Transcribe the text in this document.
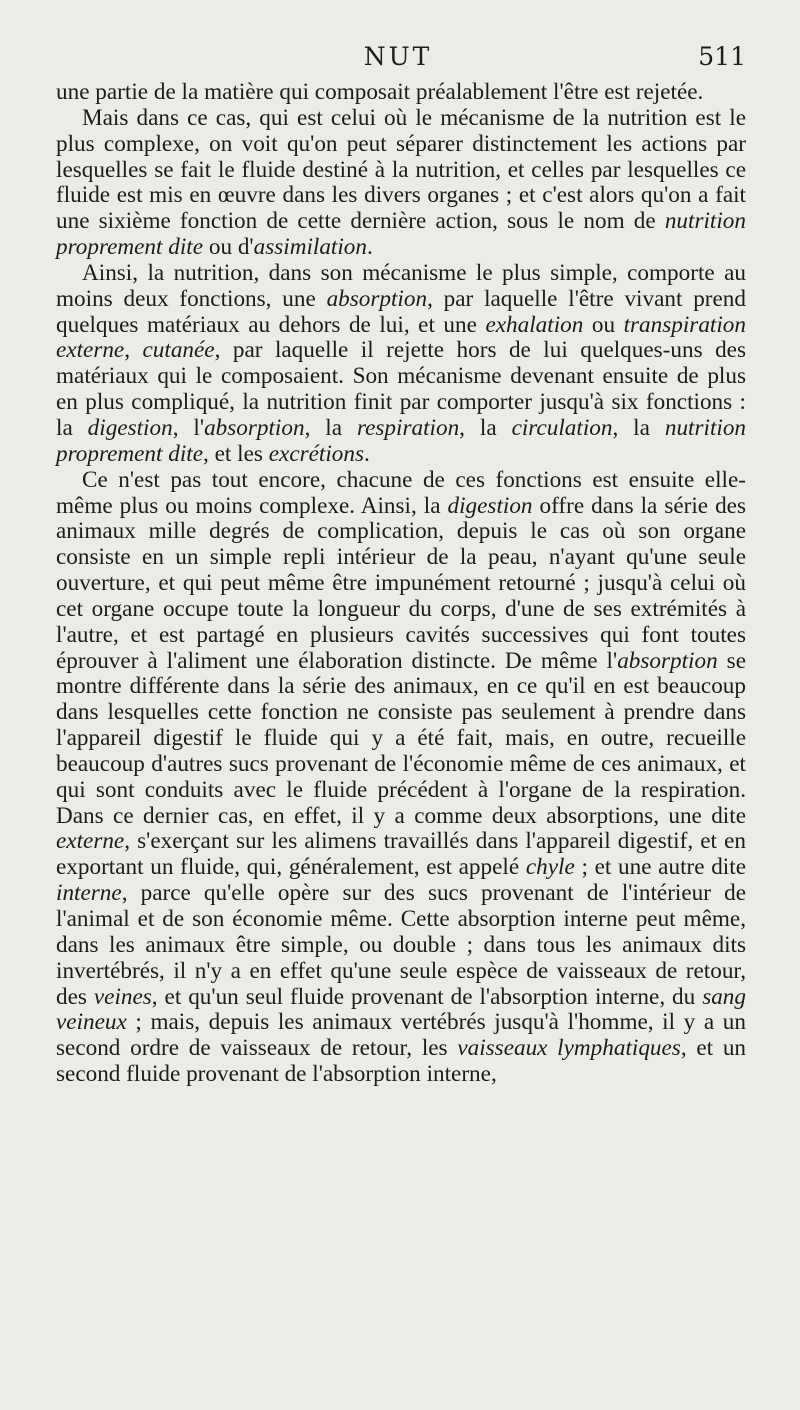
NUT	511

une partie de la matière qui composait préalablement l'être est rejetée.

Mais dans ce cas, qui est celui où le mécanisme de la nutrition est le plus complexe, on voit qu'on peut séparer distinctement les actions par lesquelles se fait le fluide destiné à la nutrition, et celles par lesquelles ce fluide est mis en œuvre dans les divers organes ; et c'est alors qu'on a fait une sixième fonction de cette dernière action, sous le nom de nutrition proprement dite ou d'assimilation.

Ainsi, la nutrition, dans son mécanisme le plus simple, comporte au moins deux fonctions, une absorption, par laquelle l'être vivant prend quelques matériaux au dehors de lui, et une exhalation ou transpiration externe, cutanée, par laquelle il rejette hors de lui quelques-uns des matériaux qui le composaient. Son mécanisme devenant ensuite de plus en plus compliqué, la nutrition finit par comporter jusqu'à six fonctions : la digestion, l'absorption, la respiration, la circulation, la nutrition proprement dite, et les excrétions.

Ce n'est pas tout encore, chacune de ces fonctions est ensuite elle-même plus ou moins complexe. Ainsi, la digestion offre dans la série des animaux mille degrés de complication, depuis le cas où son organe consiste en un simple repli intérieur de la peau, n'ayant qu'une seule ouverture, et qui peut même être impunément retourné ; jusqu'à celui où cet organe occupe toute la longueur du corps, d'une de ses extrémités à l'autre, et est partagé en plusieurs cavités successives qui font toutes éprouver à l'aliment une élaboration distincte. De même l'absorption se montre différente dans la série des animaux, en ce qu'il en est beaucoup dans lesquelles cette fonction ne consiste pas seulement à prendre dans l'appareil digestif le fluide qui y a été fait, mais, en outre, recueille beaucoup d'autres sucs provenant de l'économie même de ces animaux, et qui sont conduits avec le fluide précédent à l'organe de la respiration. Dans ce dernier cas, en effet, il y a comme deux absorptions, une dite externe, s'exerçant sur les alimens travaillés dans l'appareil digestif, et en exportant un fluide, qui, généralement, est appelé chyle ; et une autre dite interne, parce qu'elle opère sur des sucs provenant de l'intérieur de l'animal et de son économie même. Cette absorption interne peut même, dans les animaux être simple, ou double ; dans tous les animaux dits invertébrés, il n'y a en effet qu'une seule espèce de vaisseaux de retour, des veines, et qu'un seul fluide provenant de l'absorption interne, du sang veineux ; mais, depuis les animaux vertébrés jusqu'à l'homme, il y a un second ordre de vaisseaux de retour, les vaisseaux lymphatiques, et un second fluide provenant de l'absorption interne,
